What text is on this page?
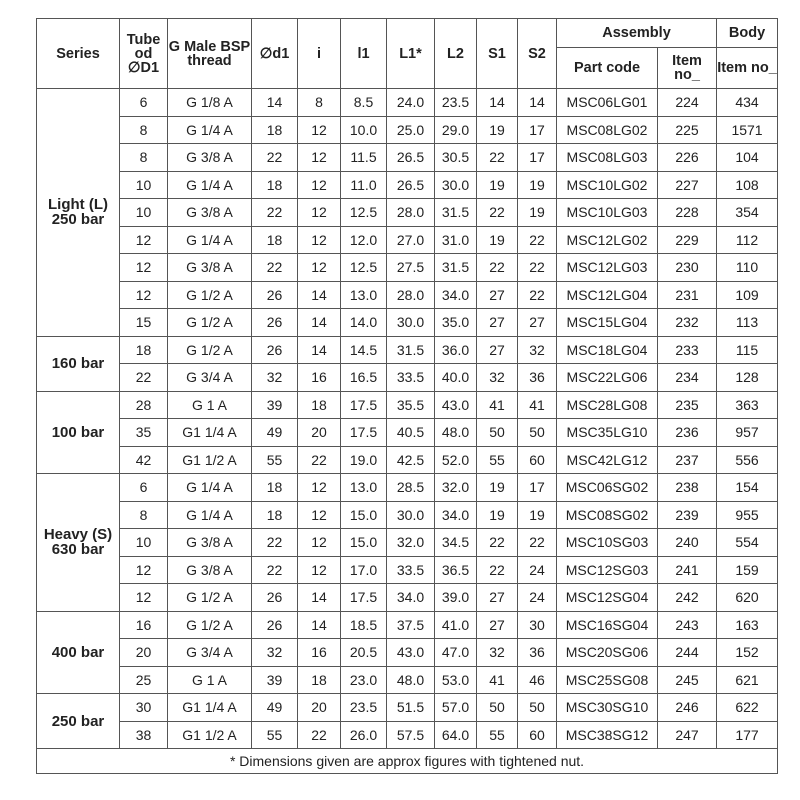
Series	Tube od ∅D1	G Male BSP thread	∅d1	i	l1	L1*	L2	S1	S2	Assembly		Body
										Part code	Item no_	Item no_
Light (L) 250 bar	6	G 1/8 A	14	8	8.5	24.0	23.5	14	14	MSC06LG01	224	434
	8	G 1/4 A	18	12	10.0	25.0	29.0	19	17	MSC08LG02	225	1571
	8	G 3/8 A	22	12	11.5	26.5	30.5	22	17	MSC08LG03	226	104
	10	G 1/4 A	18	12	11.0	26.5	30.0	19	19	MSC10LG02	227	108
	10	G 3/8 A	22	12	12.5	28.0	31.5	22	19	MSC10LG03	228	354
	12	G 1/4 A	18	12	12.0	27.0	31.0	19	22	MSC12LG02	229	112
	12	G 3/8 A	22	12	12.5	27.5	31.5	22	22	MSC12LG03	230	110
	12	G 1/2 A	26	14	13.0	28.0	34.0	27	22	MSC12LG04	231	109
	15	G 1/2 A	26	14	14.0	30.0	35.0	27	27	MSC15LG04	232	113
160 bar	18	G 1/2 A	26	14	14.5	31.5	36.0	27	32	MSC18LG04	233	115
	22	G 3/4 A	32	16	16.5	33.5	40.0	32	36	MSC22LG06	234	128
100 bar	28	G 1 A	39	18	17.5	35.5	43.0	41	41	MSC28LG08	235	363
	35	G1 1/4 A	49	20	17.5	40.5	48.0	50	50	MSC35LG10	236	957
	42	G1 1/2 A	55	22	19.0	42.5	52.0	55	60	MSC42LG12	237	556
Heavy (S) 630 bar	6	G 1/4 A	18	12	13.0	28.5	32.0	19	17	MSC06SG02	238	154
	8	G 1/4 A	18	12	15.0	30.0	34.0	19	19	MSC08SG02	239	955
	10	G 3/8 A	22	12	15.0	32.0	34.5	22	22	MSC10SG03	240	554
	12	G 3/8 A	22	12	17.0	33.5	36.5	22	24	MSC12SG03	241	159
	12	G 1/2 A	26	14	17.5	34.0	39.0	27	24	MSC12SG04	242	620
400 bar	16	G 1/2 A	26	14	18.5	37.5	41.0	27	30	MSC16SG04	243	163
	20	G 3/4 A	32	16	20.5	43.0	47.0	32	36	MSC20SG06	244	152
	25	G 1 A	39	18	23.0	48.0	53.0	41	46	MSC25SG08	245	621
250 bar	30	G1 1/4 A	49	20	23.5	51.5	57.0	50	50	MSC30SG10	246	622
	38	G1 1/2 A	55	22	26.0	57.5	64.0	55	60	MSC38SG12	247	177
* Dimensions given are approx figures with tightened nut.												
